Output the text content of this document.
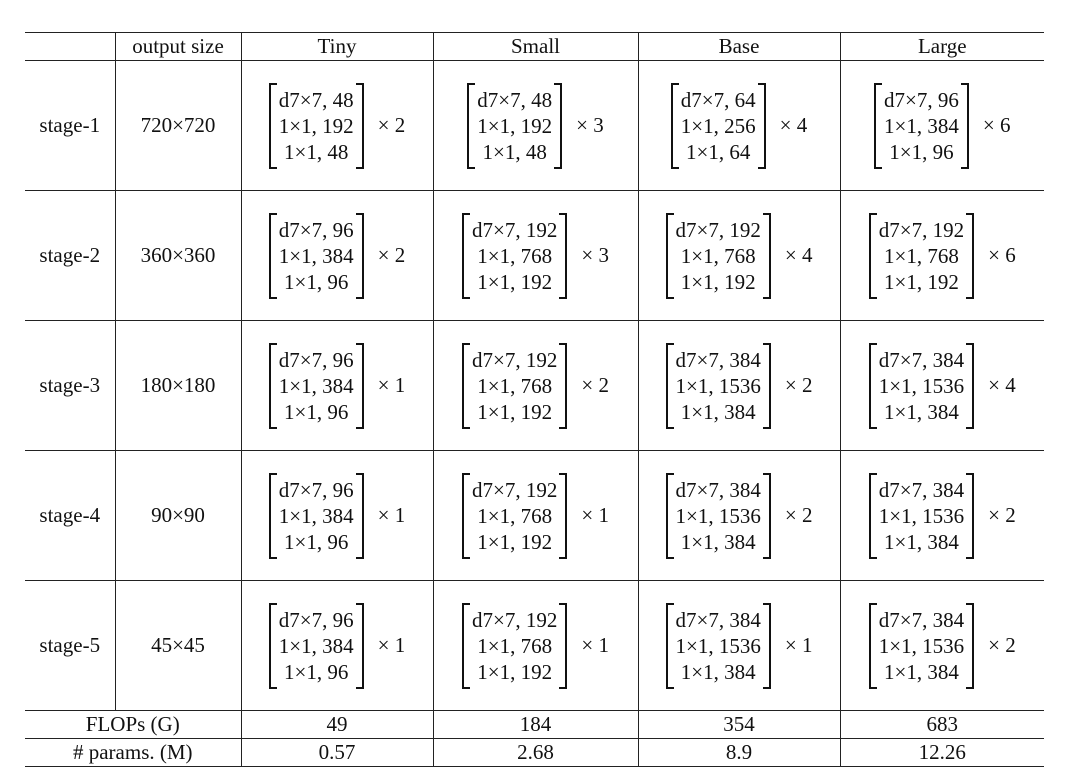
	output size	Tiny	Small	Base	Large
stage-1	720×720	d7×7, 48
1×1, 192
1×1, 48
× 2	d7×7, 48
1×1, 192
1×1, 48
× 3	d7×7, 64
1×1, 256
1×1, 64
× 4	d7×7, 96
1×1, 384
1×1, 96
× 6

stage-2	360×360	d7×7, 96
1×1, 384
1×1, 96
× 2	d7×7, 192
1×1, 768
1×1, 192
× 3	d7×7, 192
1×1, 768
1×1, 192
× 4	d7×7, 192
1×1, 768
1×1, 192
× 6

stage-3	180×180	d7×7, 96
1×1, 384
1×1, 96
× 1	d7×7, 192
1×1, 768
1×1, 192
× 2	d7×7, 384
1×1, 1536
1×1, 384
× 2	d7×7, 384
1×1, 1536
1×1, 384
× 4

stage-4	90×90	d7×7, 96
1×1, 384
1×1, 96
× 1	d7×7, 192
1×1, 768
1×1, 192
× 1	d7×7, 384
1×1, 1536
1×1, 384
× 2	d7×7, 384
1×1, 1536
1×1, 384
× 2

stage-5	45×45	d7×7, 96
1×1, 384
1×1, 96
× 1	d7×7, 192
1×1, 768
1×1, 192
× 1	d7×7, 384
1×1, 1536
1×1, 384
× 1	d7×7, 384
1×1, 1536
1×1, 384
× 2

FLOPs (G)		49	184	354	683
# params. (M)		0.57	2.68	8.9	12.26
